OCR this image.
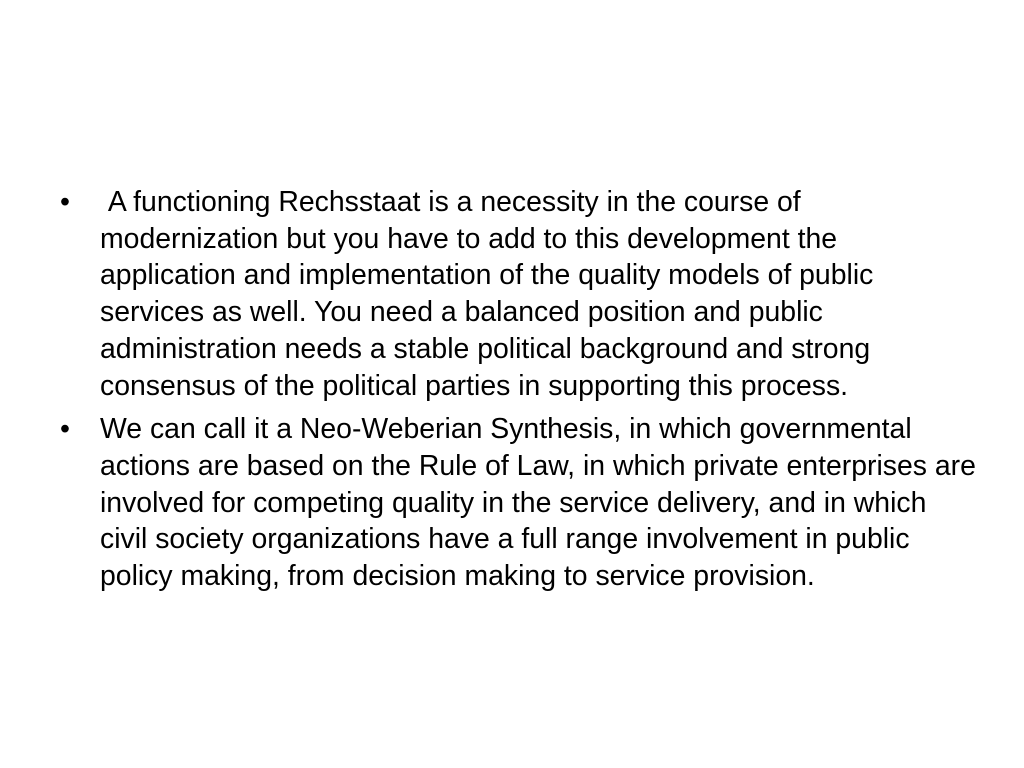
• A functioning Rechsstaat is a necessity in the course of modernization but you have to add to this development the application and implementation of the quality models of public services as well. You need a balanced position and public administration needs a stable political background and strong consensus of the political parties in supporting this process.
• We can call it a Neo-Weberian Synthesis, in which governmental actions are based on the Rule of Law, in which private enterprises are involved for competing quality in the service delivery, and in which civil society organizations have a full range involvement in public policy making, from decision making to service provision.
